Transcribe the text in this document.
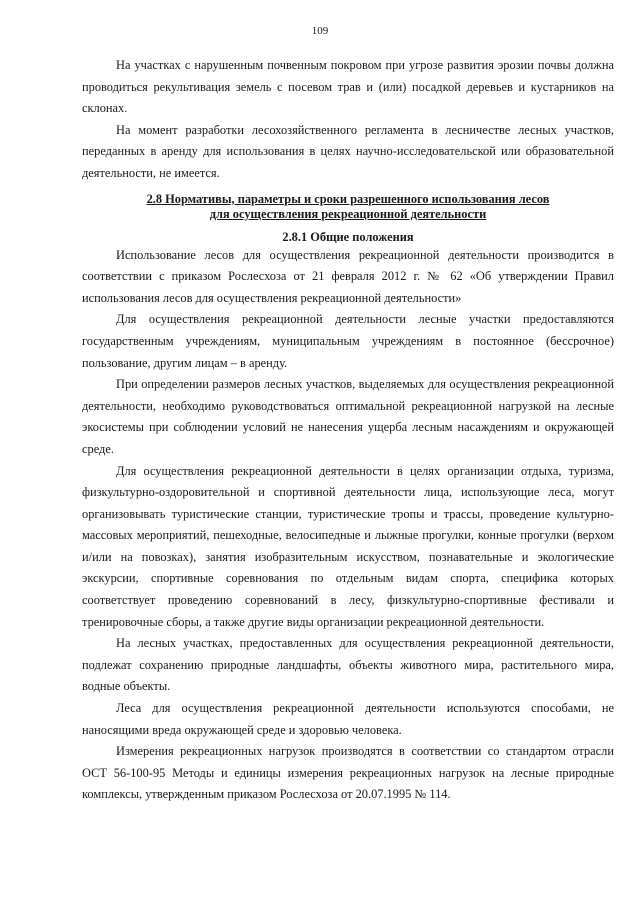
109

На участках с нарушенным почвенным покровом при угрозе развития эрозии почвы должна проводиться рекультивация земель с посевом трав и (или) посадкой деревьев и кустарников на склонах.

На момент разработки лесохозяйственного регламента в лесничестве лесных участков, переданных в аренду для использования в целях научно-исследовательской или образовательной деятельности, не имеется.

2.8 Нормативы, параметры и сроки разрешенного использования лесов
для осуществления рекреационной деятельности
2.8.1 Общие положения

Использование лесов для осуществления рекреационной деятельности производится в соответствии с приказом Рослесхоза от 21 февраля 2012 г. № 62 «Об утверждении Правил использования лесов для осуществления рекреационной деятельности»

Для осуществления рекреационной деятельности лесные участки предоставляются государственным учреждениям, муниципальным учреждениям в постоянное (бессрочное) пользование, другим лицам – в аренду.

При определении размеров лесных участков, выделяемых для осуществления рекреационной деятельности, необходимо руководствоваться оптимальной рекреационной нагрузкой на лесные экосистемы при соблюдении условий не нанесения ущерба лесным насаждениям и окружающей среде.

Для осуществления рекреационной деятельности в целях организации отдыха, туризма, физкультурно-оздоровительной и спортивной деятельности лица, использующие леса, могут организовывать туристические станции, туристические тропы и трассы, проведение культурно-массовых мероприятий, пешеходные, велосипедные и лыжные прогулки, конные прогулки (верхом и/или на повозках), занятия изобразительным искусством, познавательные и экологические экскурсии, спортивные соревнования по отдельным видам спорта, специфика которых соответствует проведению соревнований в лесу, физкультурно-спортивные фестивали и тренировочные сборы, а также другие виды организации рекреационной деятельности.

На лесных участках, предоставленных для осуществления рекреационной деятельности, подлежат сохранению природные ландшафты, объекты животного мира, растительного мира, водные объекты.

Леса для осуществления рекреационной деятельности используются способами, не наносящими вреда окружающей среде и здоровью человека.

Измерения рекреационных нагрузок производятся в соответствии со стандартом отрасли ОСТ 56-100-95 Методы и единицы измерения рекреационных нагрузок на лесные природные комплексы, утвержденным приказом Рослесхоза от 20.07.1995 № 114.
